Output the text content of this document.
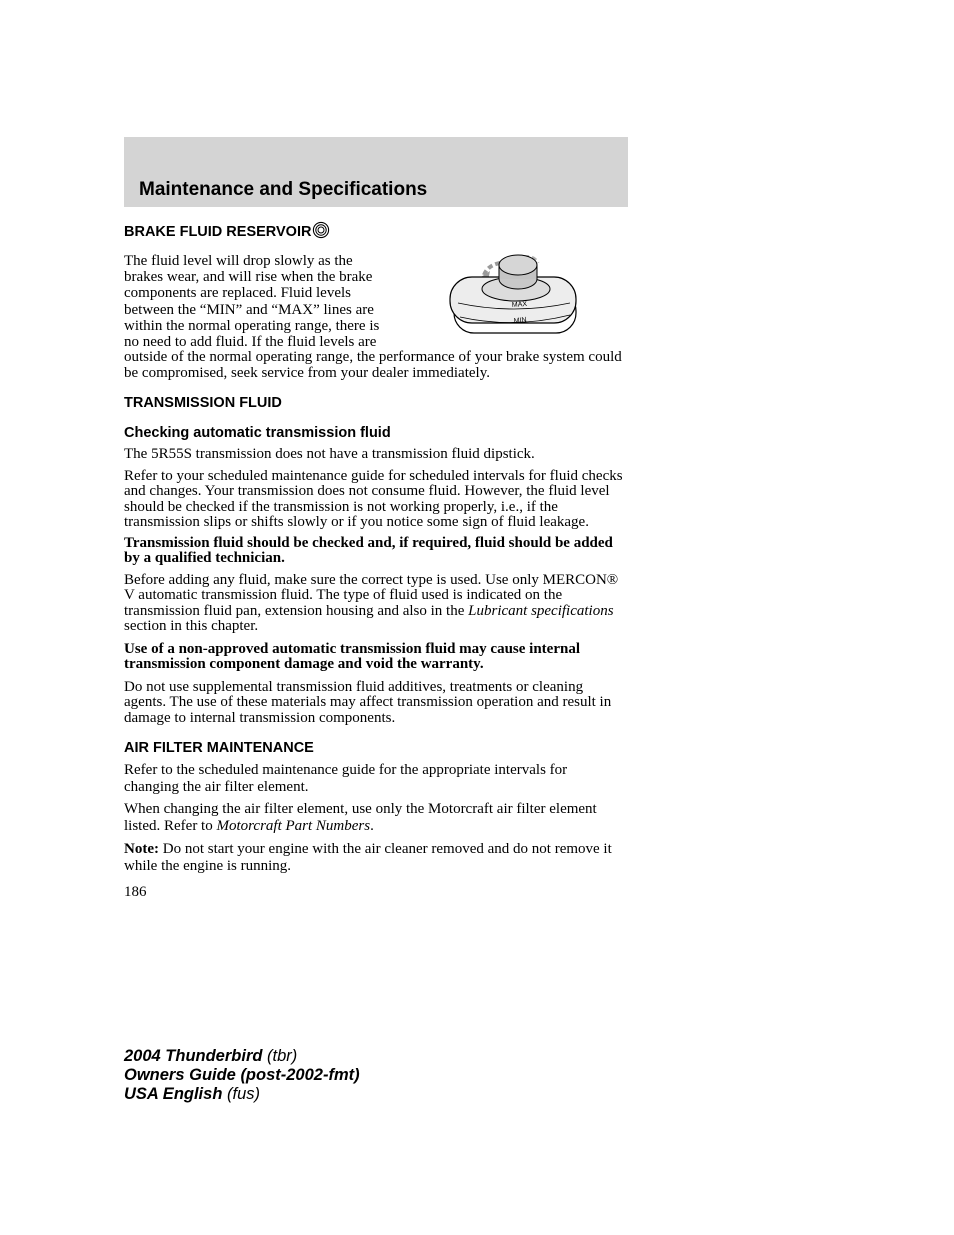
Maintenance and Specifications
BRAKE FLUID RESERVOIR
MAX
MIN

The fluid level will drop slowly as the brakes wear, and will rise when the brake components are replaced. Fluid levels between the “MIN” and “MAX” lines are within the normal operating range, there is no need to add fluid. If the fluid levels are

outside of the normal operating range, the performance of your brake system could be compromised, seek service from your dealer immediately.

TRANSMISSION FLUID
Checking automatic transmission fluid

The 5R55S transmission does not have a transmission fluid dipstick.

Refer to your scheduled maintenance guide for scheduled intervals for fluid checks and changes. Your transmission does not consume fluid. However, the fluid level should be checked if the transmission is not working properly, i.e., if the transmission slips or shifts slowly or if you notice some sign of fluid leakage.

Transmission fluid should be checked and, if required, fluid should be added by a qualified technician.

Before adding any fluid, make sure the correct type is used. Use only MERCON® V automatic transmission fluid. The type of fluid used is indicated on the transmission fluid pan, extension housing and also in the Lubricant specifications section in this chapter.

Use of a non-approved automatic transmission fluid may cause internal transmission component damage and void the warranty.

Do not use supplemental transmission fluid additives, treatments or cleaning agents. The use of these materials may affect transmission operation and result in damage to internal transmission components.

AIR FILTER MAINTENANCE

Refer to the scheduled maintenance guide for the appropriate intervals for changing the air filter element.

When changing the air filter element, use only the Motorcraft air filter element listed. Refer to Motorcraft Part Numbers.

Note: Do not start your engine with the air cleaner removed and do not remove it while the engine is running.

186
2004 Thunderbird (tbr)
Owners Guide (post-2002-fmt)
USA English (fus)
